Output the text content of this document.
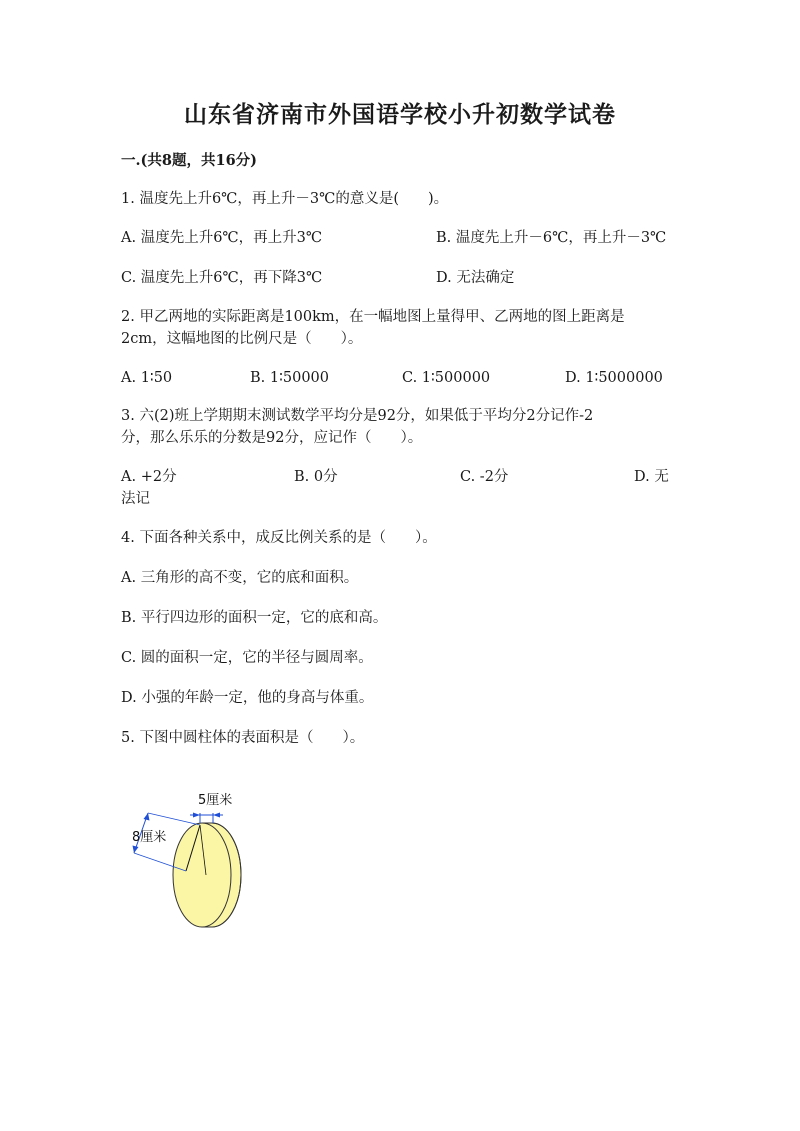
山东省济南市外国语学校小升初数学试卷
一.(共8题，共16分)
1. 温度先上升6℃，再上升－3℃的意义是(　　)。
A. 温度先上升6℃，再上升3℃	B. 温度先上升－6℃，再上升－3℃
C. 温度先上升6℃，再下降3℃	D. 无法确定
2. 甲乙两地的实际距离是100km，在一幅地图上量得甲、乙两地的图上距离是
2cm，这幅地图的比例尺是（　　）。
A. 1∶50	B. 1∶50000	C. 1∶500000	D. 1∶5000000
3. 六(2)班上学期期末测试数学平均分是92分，如果低于平均分2分记作-2
分，那么乐乐的分数是92分，应记作（　　）。
A. +2分	B. 0分	C. -2分	D. 无
法记
4. 下面各种关系中，成反比例关系的是（　　）。
A. 三角形的高不变，它的底和面积。
B. 平行四边形的面积一定，它的底和高。
C. 圆的面积一定，它的半径与圆周率。
D. 小强的年龄一定，他的身高与体重。
5. 下图中圆柱体的表面积是（　　）。
5厘米
8厘米
